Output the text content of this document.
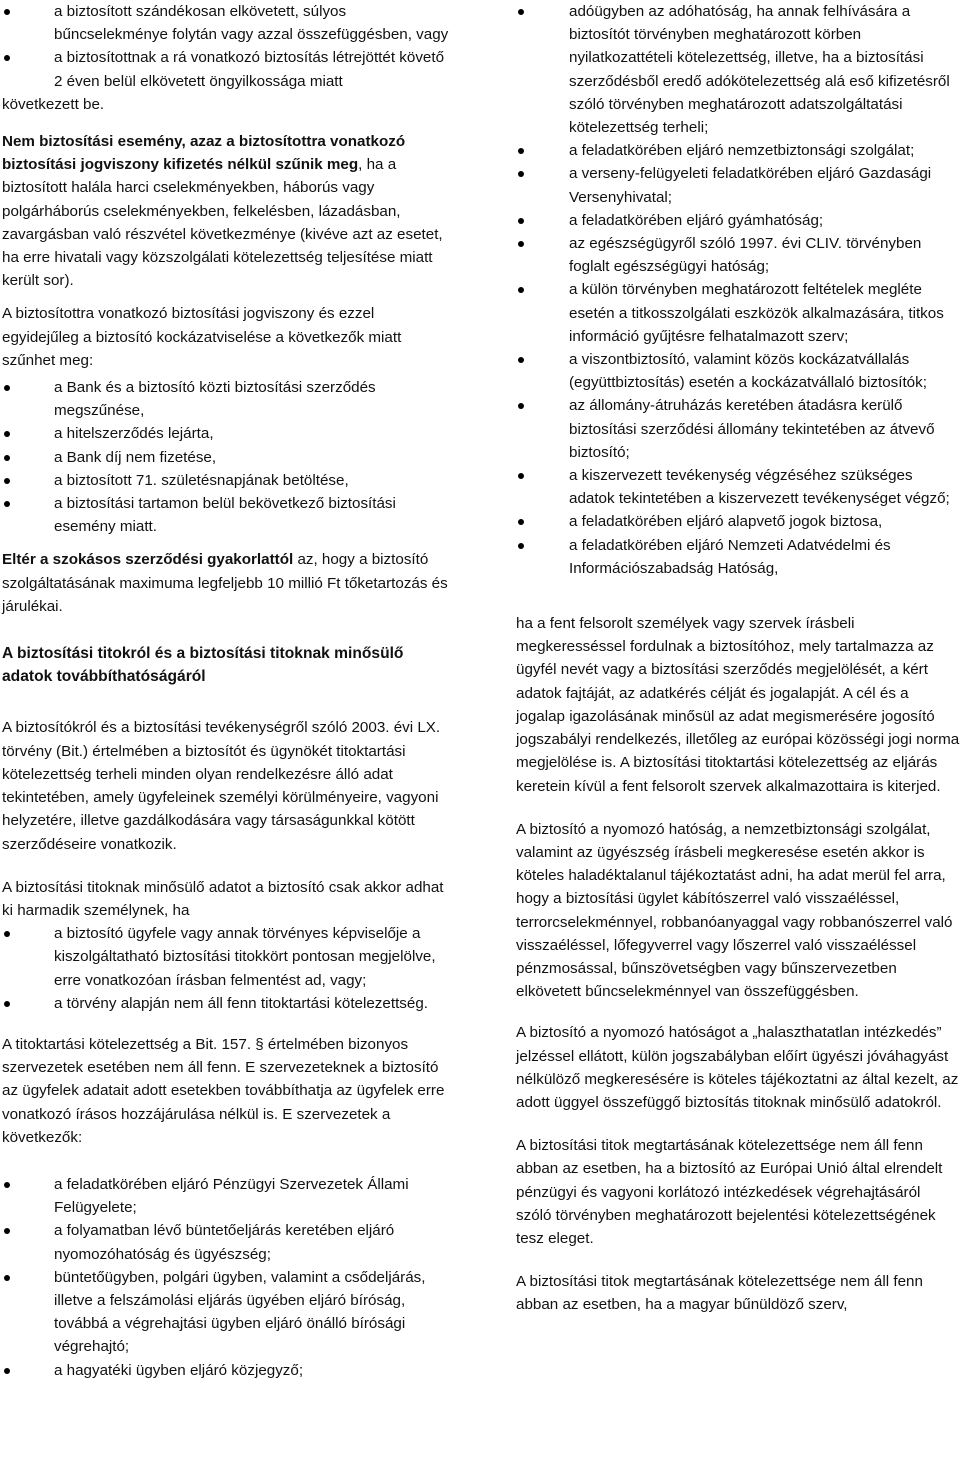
a biztosított szándékosan elkövetett, súlyos bűncselekménye folytán vagy azzal összefüggésben, vagy
a biztosítottnak a rá vonatkozó biztosítás létrejöttét követő 2 éven belül elkövetett öngyilkossága miatt

következett be.

Nem biztosítási esemény, azaz a biztosítottra vonatkozó biztosítási jogviszony kifizetés nélkül szűnik meg, ha a biztosított halála harci cselekményekben, háborús vagy polgárháborús cselekményekben, felkelésben, lázadásban, zavargásban való részvétel következménye (kivéve azt az esetet, ha erre hivatali vagy közszolgálati kötelezettség teljesítése miatt került sor).

A biztosítottra vonatkozó biztosítási jogviszony és ezzel egyidejűleg a biztosító kockázatviselése a következők miatt szűnhet meg:

a Bank és a biztosító közti biztosítási szerződés megszűnése,
a hitelszerződés lejárta,
a Bank díj nem fizetése,
a biztosított 71. születésnapjának betöltése,
a biztosítási tartamon belül bekövetkező biztosítási esemény miatt.

Eltér a szokásos szerződési gyakorlattól az, hogy a biztosító szolgáltatásának maximuma legfeljebb 10 millió Ft tőketartozás és járulékai.

A biztosítási titokról és a biztosítási titoknak minősülő adatok továbbíthatóságáról

A biztosítókról és a biztosítási tevékenységről szóló 2003. évi LX. törvény (Bit.) értelmében a biztosítót és ügynökét titoktartási kötelezettség terheli minden olyan rendelkezésre álló adat tekintetében, amely ügyfeleinek személyi körülményeire, vagyoni helyzetére, illetve gazdálkodására vagy társaságunkkal kötött szerződéseire vonatkozik.

A biztosítási titoknak minősülő adatot a biztosító csak akkor adhat ki harmadik személynek, ha

a biztosító ügyfele vagy annak törvényes képviselője a kiszolgáltatható biztosítási titokkört pontosan megjelölve, erre vonatkozóan írásban felmentést ad, vagy;
a törvény alapján nem áll fenn titoktartási kötelezettség.

A titoktartási kötelezettség a Bit. 157. § értelmében bizonyos szervezetek esetében nem áll fenn. E szervezeteknek a biztosító az ügyfelek adatait adott esetekben továbbíthatja az ügyfelek erre vonatkozó írásos hozzájárulása nélkül is. E szervezetek a következők:

a feladatkörében eljáró Pénzügyi Szervezetek Állami Felügyelete;
a folyamatban lévő büntetőeljárás keretében eljáró nyomozóhatóság és ügyészség;
büntetőügyben, polgári ügyben, valamint a csődeljárás, illetve a felszámolási eljárás ügyében eljáró bíróság, továbbá a végrehajtási ügyben eljáró önálló bírósági végrehajtó;
a hagyatéki ügyben eljáró közjegyző;
adóügyben az adóhatóság, ha annak felhívására a biztosítót törvényben meghatározott körben nyilatkozattételi kötelezettség, illetve, ha a biztosítási szerződésből eredő adókötelezettség alá eső kifizetésről szóló törvényben meghatározott adatszolgáltatási kötelezettség terheli;
a feladatkörében eljáró nemzetbiztonsági szolgálat;
a verseny-felügyeleti feladatkörében eljáró Gazdasági Versenyhivatal;
a feladatkörében eljáró gyámhatóság;
az egészségügyről szóló 1997. évi CLIV. törvényben foglalt egészségügyi hatóság;
a külön törvényben meghatározott feltételek megléte esetén a titkosszolgálati eszközök alkalmazására, titkos információ gyűjtésre felhatalmazott szerv;
a viszontbiztosító, valamint közös kockázatvállalás (együttbiztosítás) esetén a kockázatvállaló biztosítók;
az állomány-átruházás keretében átadásra kerülő biztosítási szerződési állomány tekintetében az átvevő biztosító;
a kiszervezett tevékenység végzéséhez szükséges adatok tekintetében a kiszervezett tevékenységet végző;
a feladatkörében eljáró alapvető jogok biztosa,
a feladatkörében eljáró Nemzeti Adatvédelmi és Információszabadság Hatóság,

ha a fent felsorolt személyek vagy szervek írásbeli megkeresséssel fordulnak a biztosítóhoz, mely tartalmazza az ügyfél nevét vagy a biztosítási szerződés megjelölését, a kért adatok fajtáját, az adatkérés célját és jogalapját. A cél és a jogalap igazolásának minősül az adat megismerésére jogosító jogszabályi rendelkezés, illetőleg az európai közösségi jogi norma megjelölése is. A biztosítási titoktartási kötelezettség az eljárás keretein kívül a fent felsorolt szervek alkalmazottaira is kiterjed.

A biztosító a nyomozó hatóság, a nemzetbiztonsági szolgálat, valamint az ügyészség írásbeli megkeresése esetén akkor is köteles haladéktalanul tájékoztatást adni, ha adat merül fel arra, hogy a biztosítási ügylet kábítószerrel való visszaéléssel, terrorcselekménnyel, robbanóanyaggal vagy robbanószerrel való visszaéléssel, lőfegyverrel vagy lőszerrel való visszaéléssel pénzmosással, bűnszövetségben vagy bűnszervezetben elkövetett bűncselekménnyel van összefüggésben.

A biztosító a nyomozó hatóságot a „halaszthatatlan intézkedés” jelzéssel ellátott, külön jogszabályban előírt ügyészi jóváhagyást nélkülöző megkeresésére is köteles tájékoztatni az által kezelt, az adott üggyel összefüggő biztosítás titoknak minősülő adatokról.

A biztosítási titok megtartásának kötelezettsége nem áll fenn abban az esetben, ha a biztosító az Európai Unió által elrendelt pénzügyi és vagyoni korlátozó intézkedések végrehajtásáról szóló törvényben meghatározott bejelentési kötelezettségének tesz eleget.

A biztosítási titok megtartásának kötelezettsége nem áll fenn abban az esetben, ha a magyar bűnüldöző szerv,
